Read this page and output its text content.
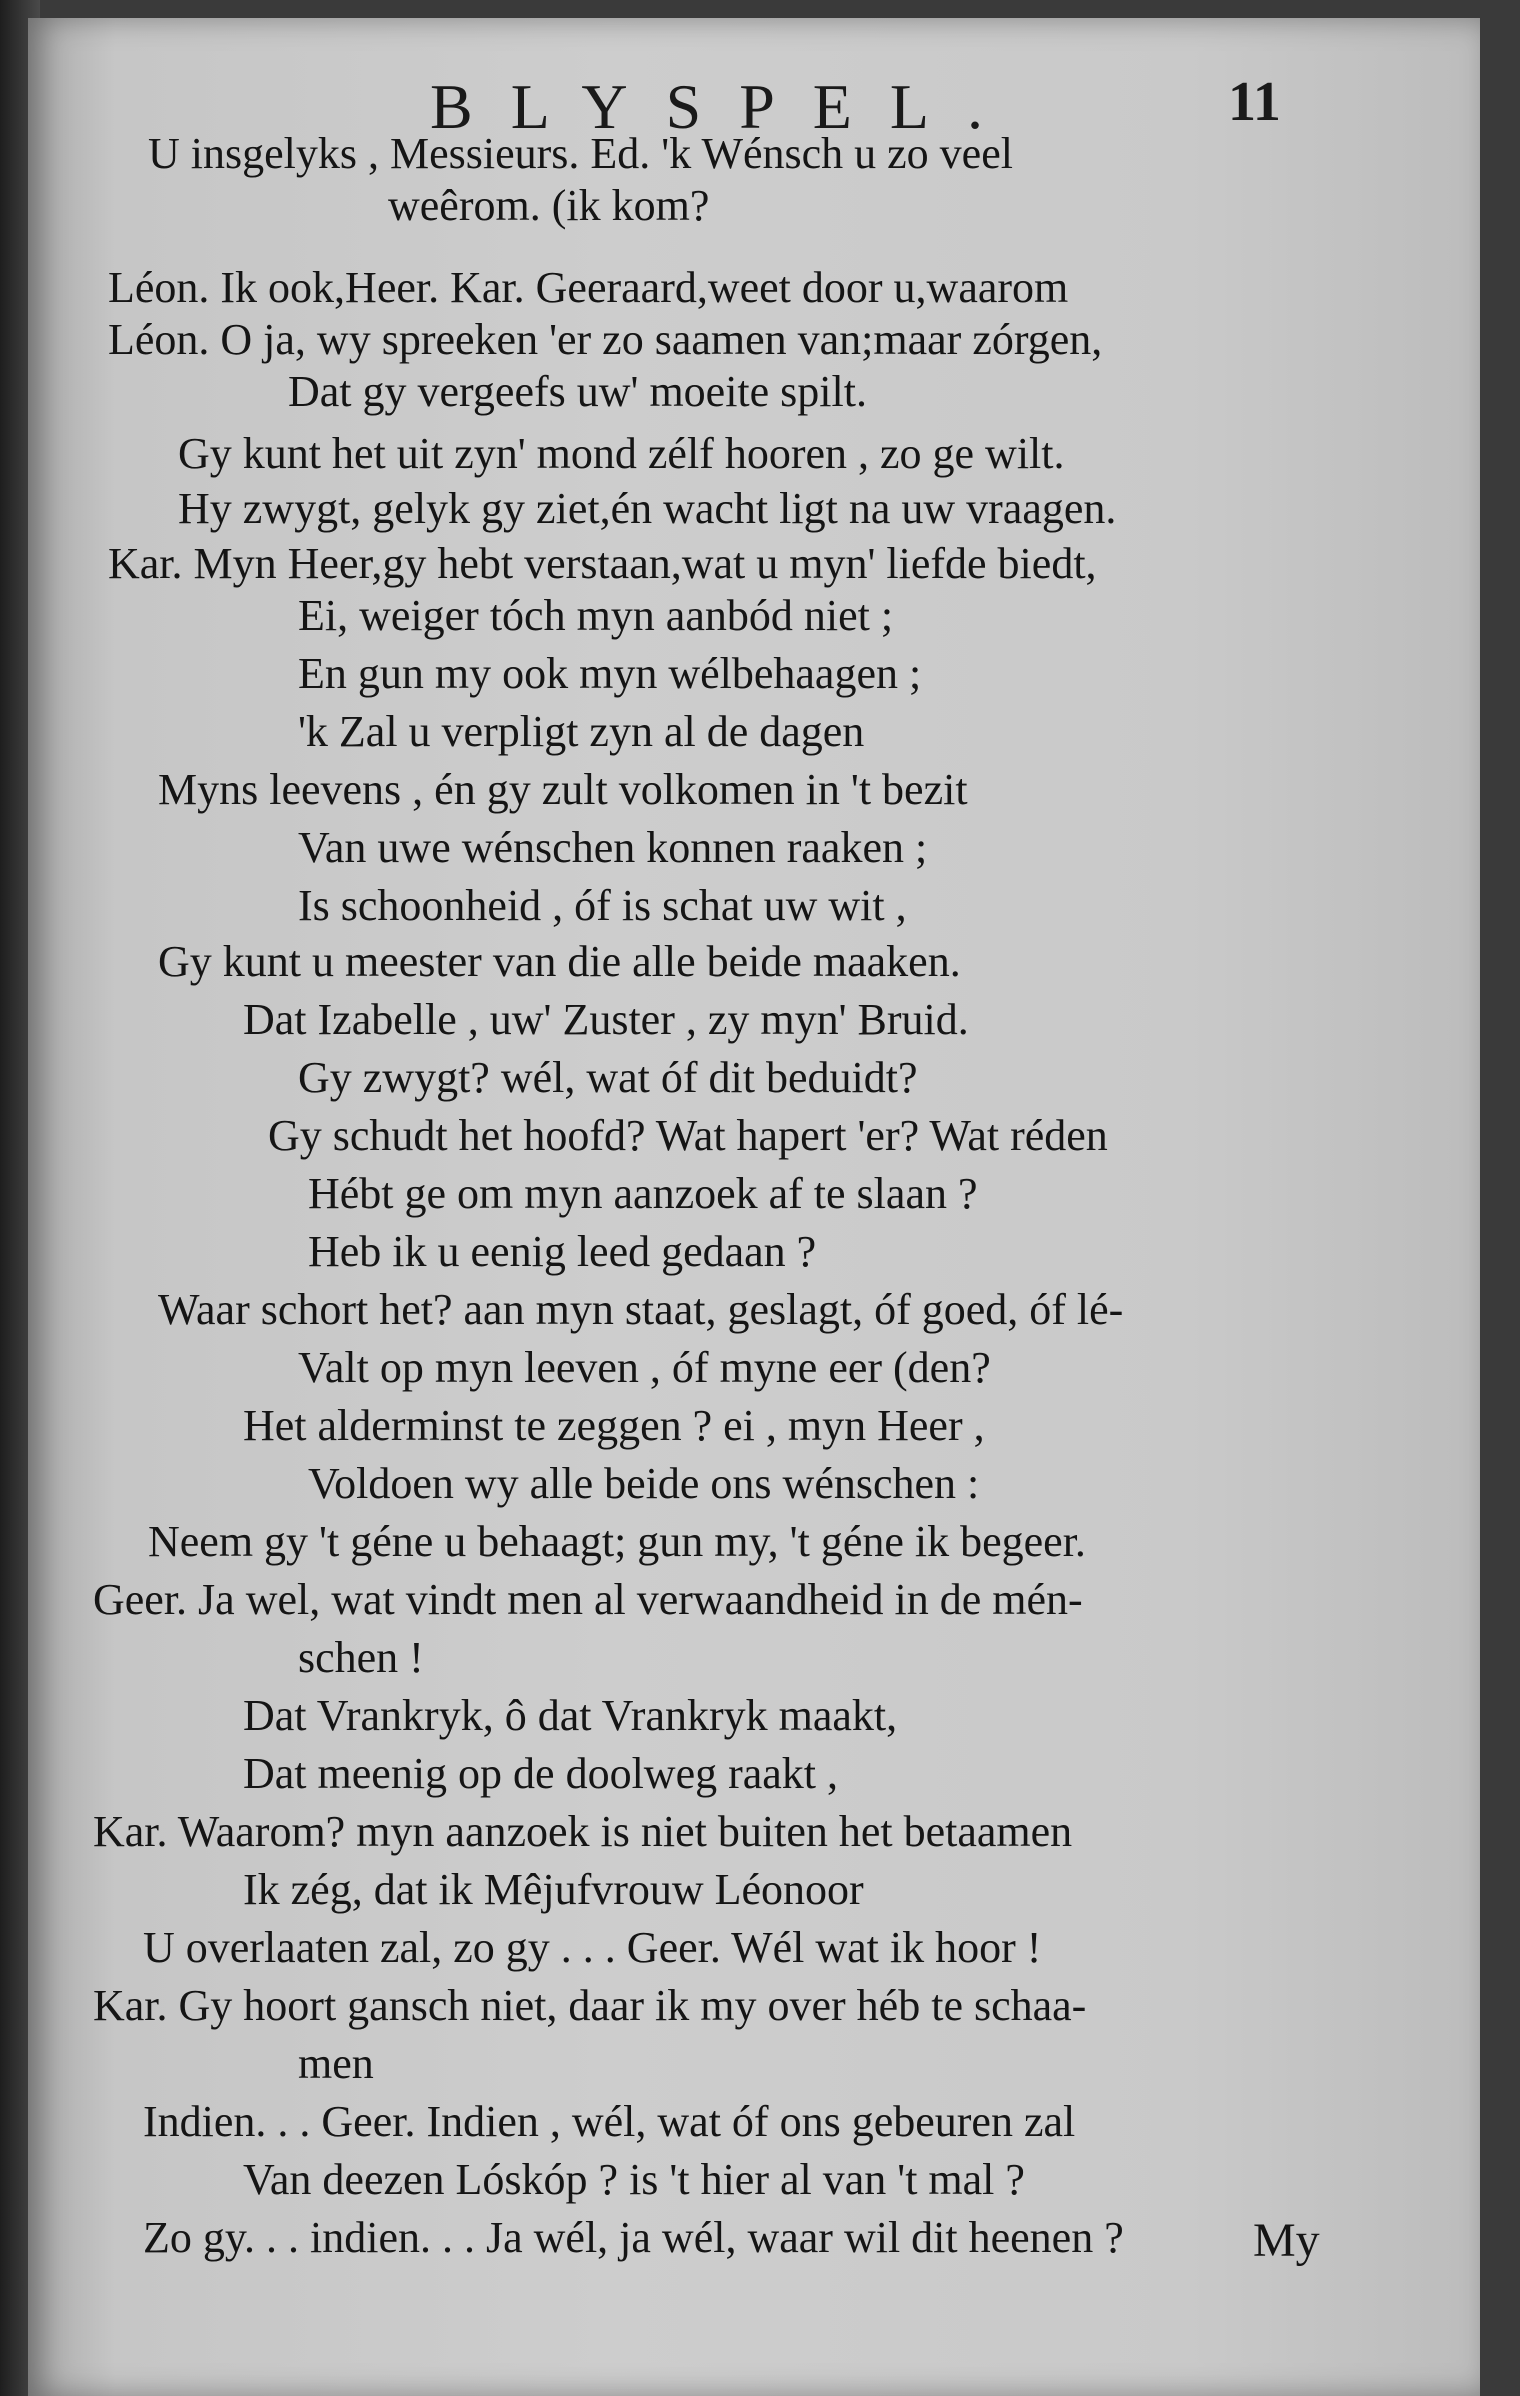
BLYSPEL.	11
U insgelyks , Messieurs. Ed. 'k Wénsch u zo veel
weêrom. (ik kom?
Léon. Ik ook,Heer. Kar. Geeraard,weet door u,waarom
Léon. O ja, wy spreeken 'er zo saamen van;maar zórgen,
Dat gy vergeefs uw' moeite spilt.
Gy kunt het uit zyn' mond zélf hooren , zo ge wilt.
Hy zwygt, gelyk gy ziet,én wacht ligt na uw vraagen.
Kar. Myn Heer,gy hebt verstaan,wat u myn' liefde biedt,
Ei, weiger tóch myn aanbód niet ;
En gun my ook myn wélbehaagen ;
'k Zal u verpligt zyn al de dagen
Myns leevens , én gy zult volkomen in 't bezit
Van uwe wénschen konnen raaken ;
Is schoonheid , óf is schat uw wit ,
Gy kunt u meester van die alle beide maaken.
Dat Izabelle , uw' Zuster , zy myn' Bruid.
Gy zwygt? wél, wat óf dit beduidt?
Gy schudt het hoofd? Wat hapert 'er? Wat réden
Hébt ge om myn aanzoek af te slaan ?
Heb ik u eenig leed gedaan ?
Waar schort het? aan myn staat, geslagt, óf goed, óf lé-
Valt op myn leeven , óf myne eer (den?
Het alderminst te zeggen ? ei , myn Heer ,
Voldoen wy alle beide ons wénschen :
Neem gy 't géne u behaagt; gun my, 't géne ik begeer.
Geer. Ja wel, wat vindt men al verwaandheid in de mén-
schen !
Dat Vrankryk, ô dat Vrankryk maakt,
Dat meenig op de doolweg raakt ,
Kar. Waarom? myn aanzoek is niet buiten het betaamen
Ik zég, dat ik Mêjufvrouw Léonoor
U overlaaten zal, zo gy . . . Geer. Wél wat ik hoor !
Kar. Gy hoort gansch niet, daar ik my over héb te schaa-
men
Indien. . . Geer. Indien , wél, wat óf ons gebeuren zal
Van deezen Lóskóp ? is 't hier al van 't mal ?
Zo gy. . . indien. . . Ja wél, ja wél, waar wil dit heenen ?	My
